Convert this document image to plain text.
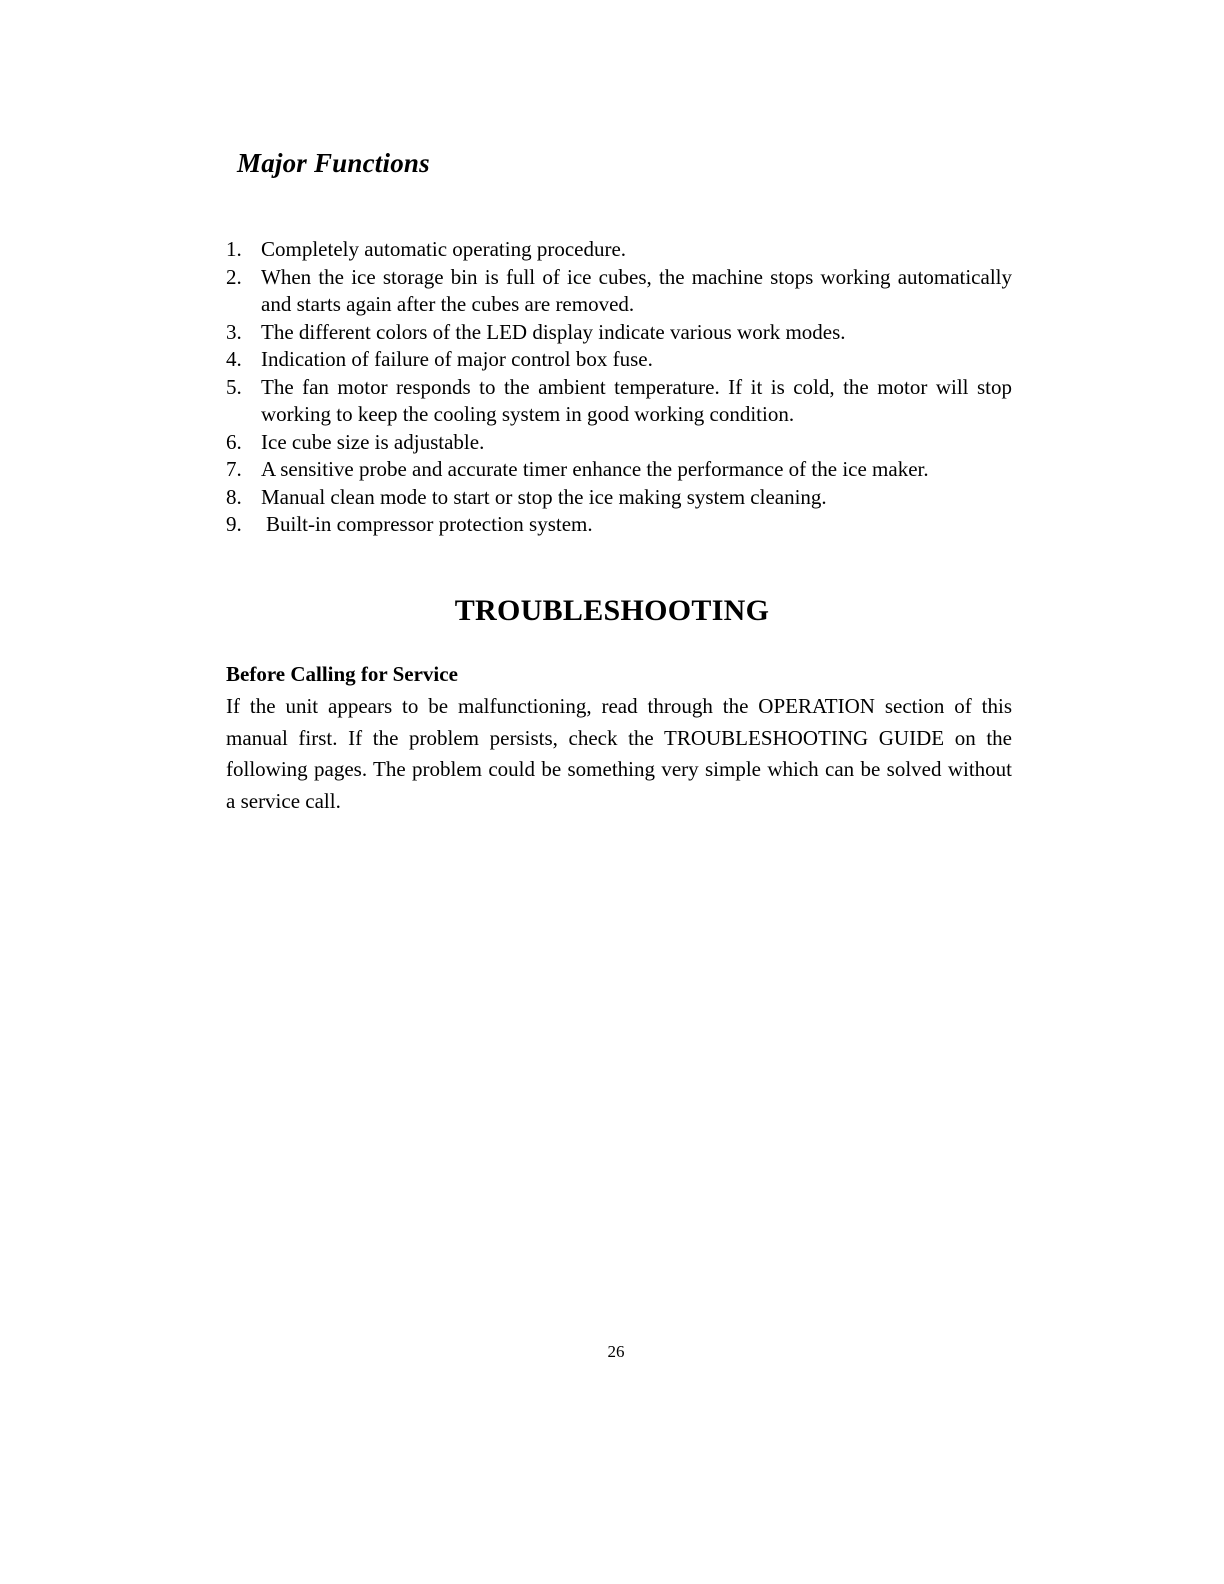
Major Functions
1. Completely automatic operating procedure.
2. When the ice storage bin is full of ice cubes, the machine stops working automatically and starts again after the cubes are removed.
3. The different colors of the LED display indicate various work modes.
4. Indication of failure of major control box fuse.
5. The fan motor responds to the ambient temperature. If it is cold, the motor will stop working to keep the cooling system in good working condition.
6. Ice cube size is adjustable.
7. A sensitive probe and accurate timer enhance the performance of the ice maker.
8. Manual clean mode to start or stop the ice making system cleaning.
9. Built-in compressor protection system.
TROUBLESHOOTING
Before Calling for Service

If the unit appears to be malfunctioning, read through the OPERATION section of this manual first. If the problem persists, check the TROUBLESHOOTING GUIDE on the following pages. The problem could be something very simple which can be solved without a service call.

26
